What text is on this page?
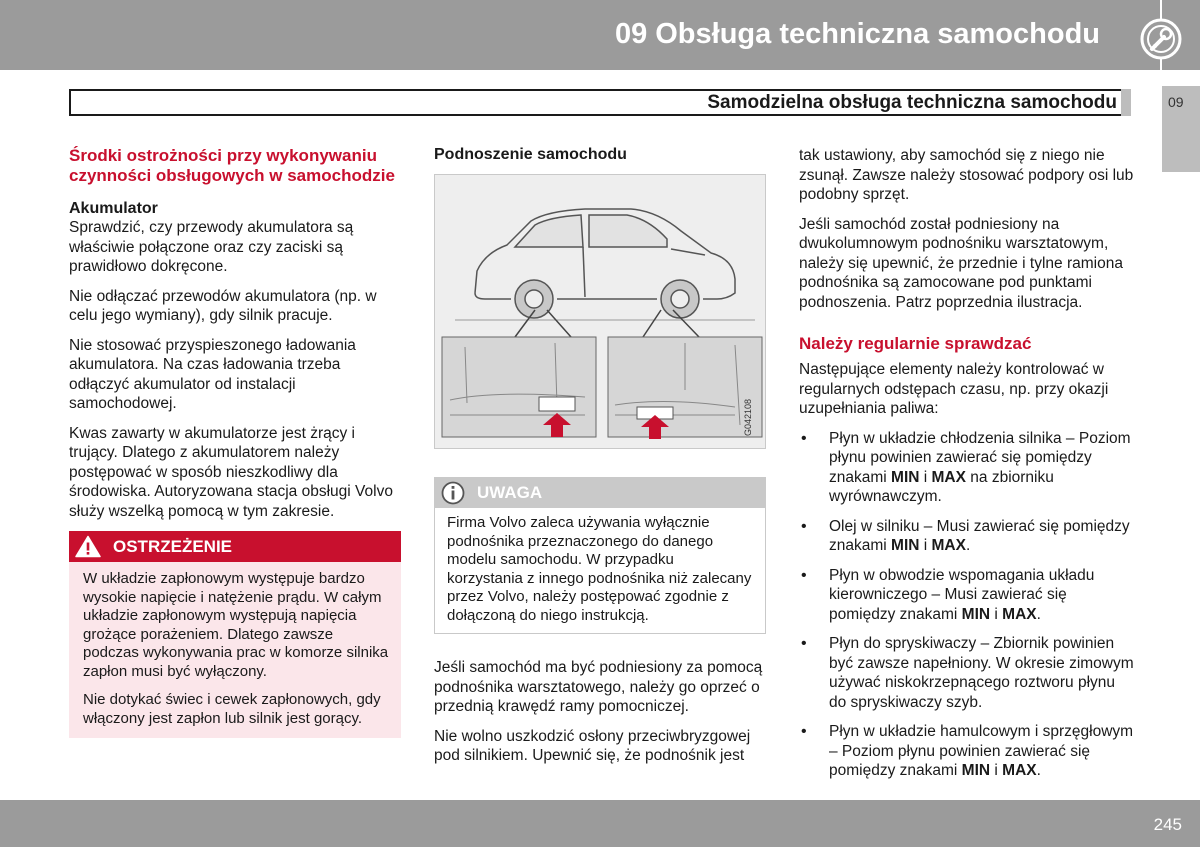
09 Obsługa techniczna samochodu
Samodzielna obsługa techniczna samochodu	09
Środki ostrożności przy wykonywaniu czynności obsługowych w samochodzie
Akumulator

Sprawdzić, czy przewody akumulatora są właściwie połączone oraz czy zaciski są prawidłowo dokręcone.

Nie odłączać przewodów akumulatora (np. w celu jego wymiany), gdy silnik pracuje.

Nie stosować przyspieszonego ładowania akumulatora. Na czas ładowania trzeba odłączyć akumulator od instalacji samochodowej.

Kwas zawarty w akumulatorze jest żrący i trujący. Dlatego z akumulatorem należy postępować w sposób nieszkodliwy dla środowiska. Autoryzowana stacja obsługi Volvo służy wszelką pomocą w tym zakresie.

OSTRZEŻENIE

W układzie zapłonowym występuje bardzo wysokie napięcie i natężenie prądu. W całym układzie zapłonowym występują napięcia grożące porażeniem. Dlatego zawsze podczas wykonywania prac w komorze silnika zapłon musi być wyłączony.

Nie dotykać świec i cewek zapłonowych, gdy włączony jest zapłon lub silnik jest gorący.

Podnoszenie samochodu
G042108
UWAGA
Firma Volvo zaleca używania wyłącznie podnośnika przeznaczonego do danego modelu samochodu. W przypadku korzystania z innego podnośnika niż zalecany przez Volvo, należy postępować zgodnie z dołączoną do niego instrukcją.

Jeśli samochód ma być podniesiony za pomocą podnośnika warsztatowego, należy go oprzeć o przednią krawędź ramy pomocniczej.

Nie wolno uszkodzić osłony przeciwbryzgowej pod silnikiem. Upewnić się, że podnośnik jest

tak ustawiony, aby samochód się z niego nie zsunął. Zawsze należy stosować podpory osi lub podobny sprzęt.

Jeśli samochód został podniesiony na dwukolumnowym podnośniku warsztatowym, należy się upewnić, że przednie i tylne ramiona podnośnika są zamocowane pod punktami podnoszenia. Patrz poprzednia ilustracja.

Należy regularnie sprawdzać

Następujące elementy należy kontrolować w regularnych odstępach czasu, np. przy okazji uzupełniania paliwa:

• Płyn w układzie chłodzenia silnika – Poziom płynu powinien zawierać się pomiędzy znakami MIN i MAX na zbiorniku wyrównawczym.
• Olej w silniku – Musi zawierać się pomiędzy znakami MIN i MAX.
• Płyn w obwodzie wspomagania układu kierowniczego – Musi zawierać się pomiędzy znakami MIN i MAX.
• Płyn do spryskiwaczy – Zbiornik powinien być zawsze napełniony. W okresie zimowym używać niskokrzepnącego roztworu płynu do spryskiwaczy szyb.
• Płyn w układzie hamulcowym i sprzęgłowym – Poziom płynu powinien zawierać się pomiędzy znakami MIN i MAX.
245
